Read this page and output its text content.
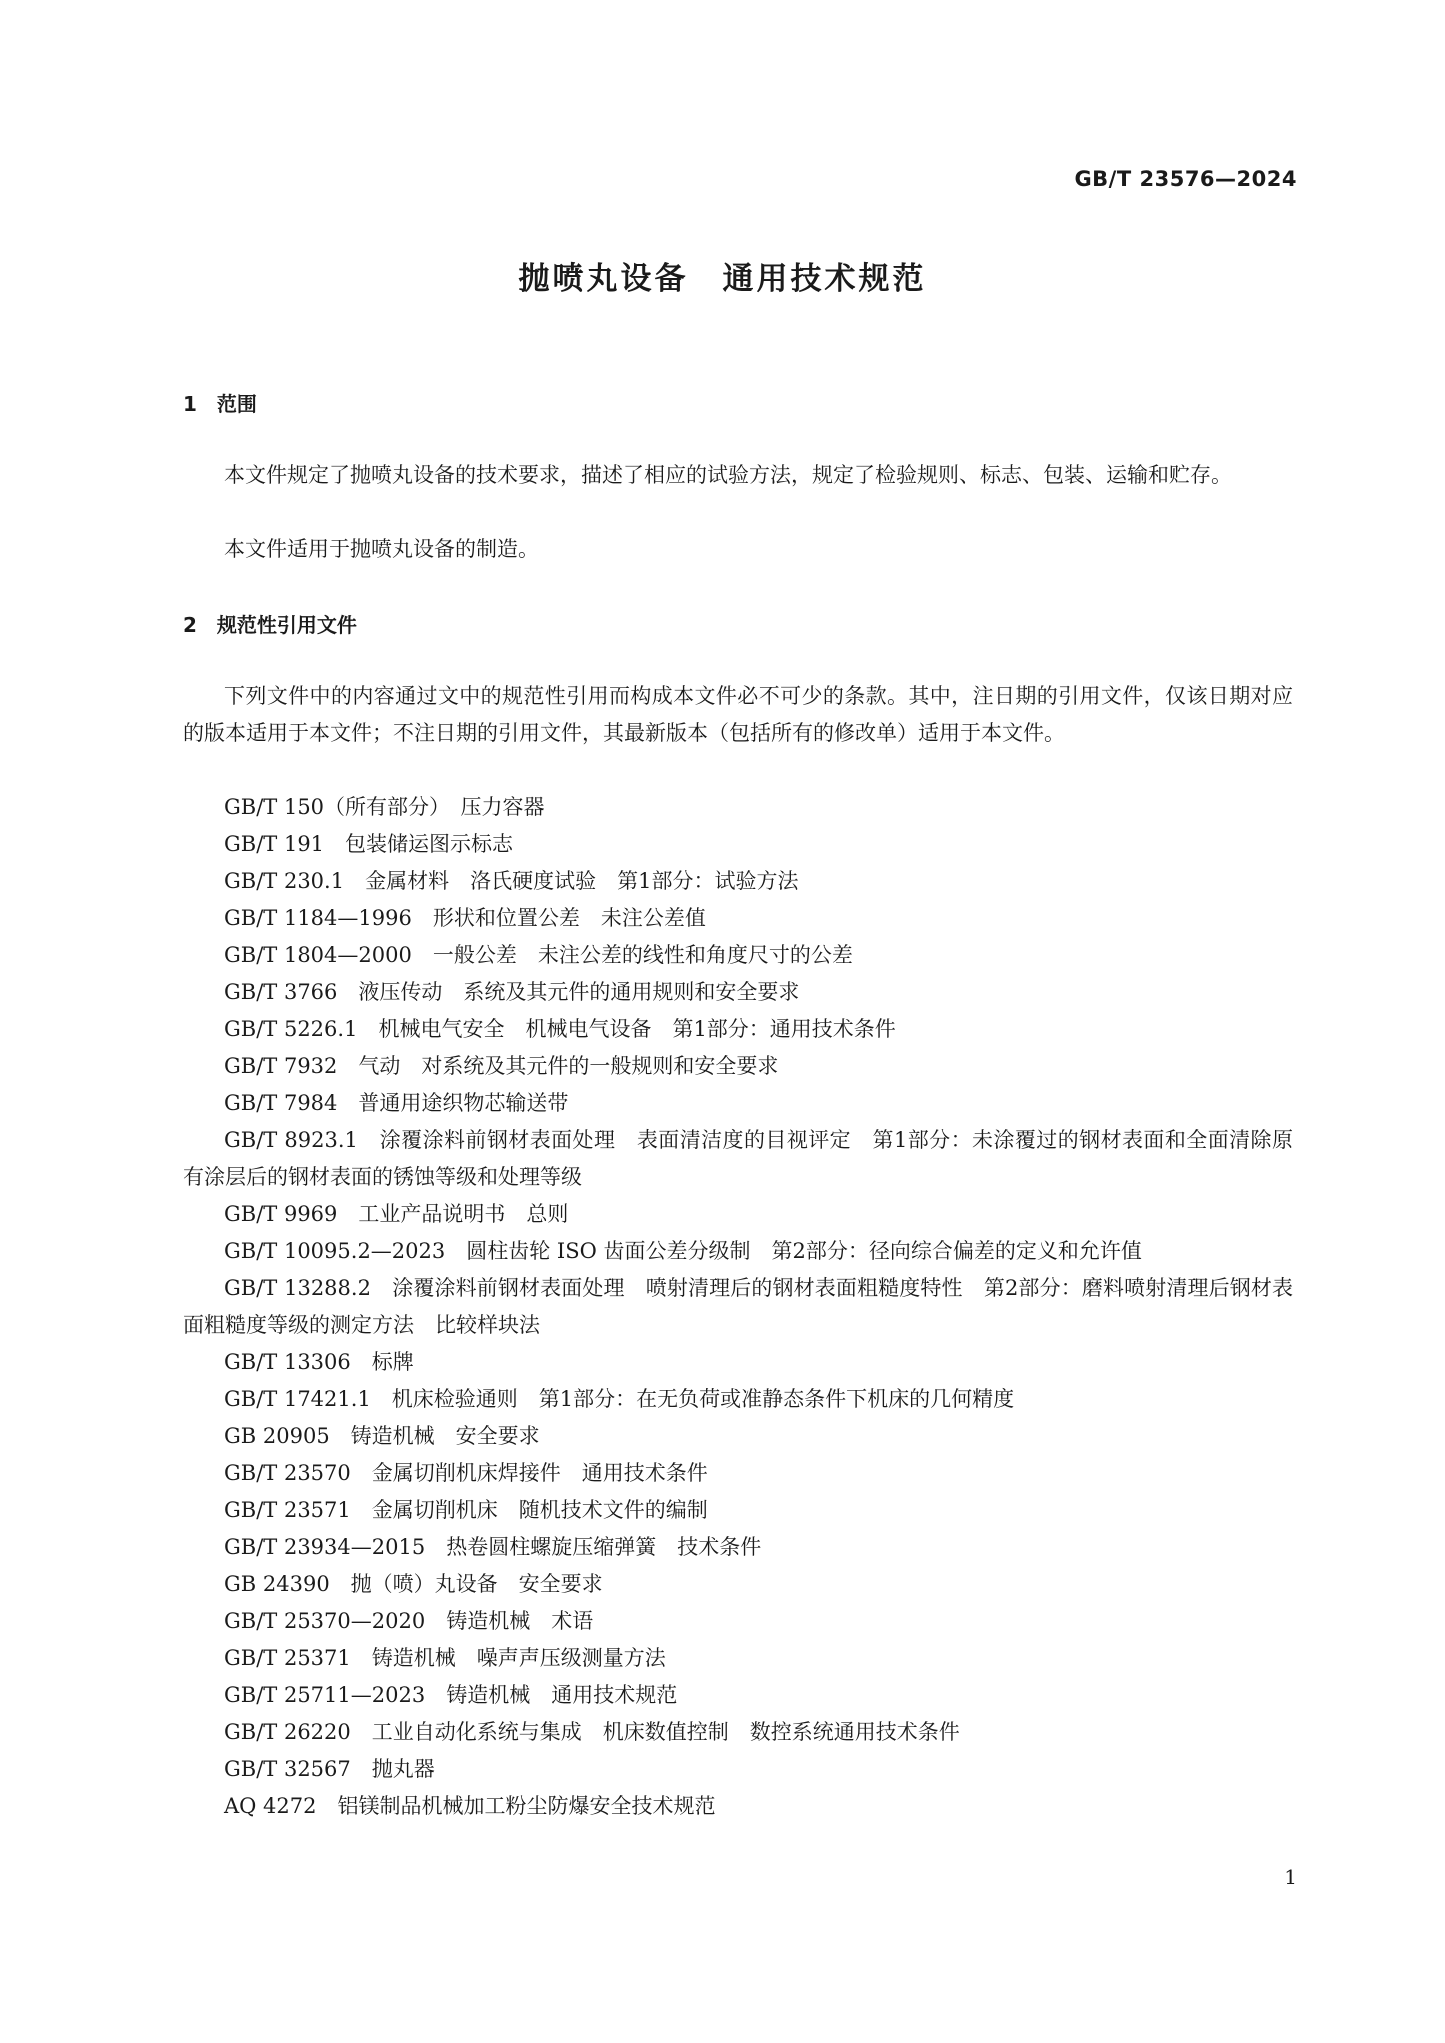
GB/T 23576—2024
抛喷丸设备　通用技术规范
1　范围

本文件规定了抛喷丸设备的技术要求，描述了相应的试验方法，规定了检验规则、标志、包装、运输和贮存。

本文件适用于抛喷丸设备的制造。

2　规范性引用文件

下列文件中的内容通过文中的规范性引用而构成本文件必不可少的条款。其中，注日期的引用文件，仅该日期对应的版本适用于本文件；不注日期的引用文件，其最新版本（包括所有的修改单）适用于本文件。

GB/T 150（所有部分）　压力容器
GB/T 191　包装储运图示标志
GB/T 230.1　金属材料　洛氏硬度试验　第1部分：试验方法
GB/T 1184—1996　形状和位置公差　未注公差值
GB/T 1804—2000　一般公差　未注公差的线性和角度尺寸的公差
GB/T 3766　液压传动　系统及其元件的通用规则和安全要求
GB/T 5226.1　机械电气安全　机械电气设备　第1部分：通用技术条件
GB/T 7932　气动　对系统及其元件的一般规则和安全要求
GB/T 7984　普通用途织物芯输送带
GB/T 8923.1　涂覆涂料前钢材表面处理　表面清洁度的目视评定　第1部分：未涂覆过的钢材表面和全面清除原有涂层后的钢材表面的锈蚀等级和处理等级
GB/T 9969　工业产品说明书　总则
GB/T 10095.2—2023　圆柱齿轮 ISO 齿面公差分级制　第2部分：径向综合偏差的定义和允许值
GB/T 13288.2　涂覆涂料前钢材表面处理　喷射清理后的钢材表面粗糙度特性　第2部分：磨料喷射清理后钢材表面粗糙度等级的测定方法　比较样块法
GB/T 13306　标牌
GB/T 17421.1　机床检验通则　第1部分：在无负荷或准静态条件下机床的几何精度
GB 20905　铸造机械　安全要求
GB/T 23570　金属切削机床焊接件　通用技术条件
GB/T 23571　金属切削机床　随机技术文件的编制
GB/T 23934—2015　热卷圆柱螺旋压缩弹簧　技术条件
GB 24390　抛（喷）丸设备　安全要求
GB/T 25370—2020　铸造机械　术语
GB/T 25371　铸造机械　噪声声压级测量方法
GB/T 25711—2023　铸造机械　通用技术规范
GB/T 26220　工业自动化系统与集成　机床数值控制　数控系统通用技术条件
GB/T 32567　抛丸器
AQ 4272　铝镁制品机械加工粉尘防爆安全技术规范
1
